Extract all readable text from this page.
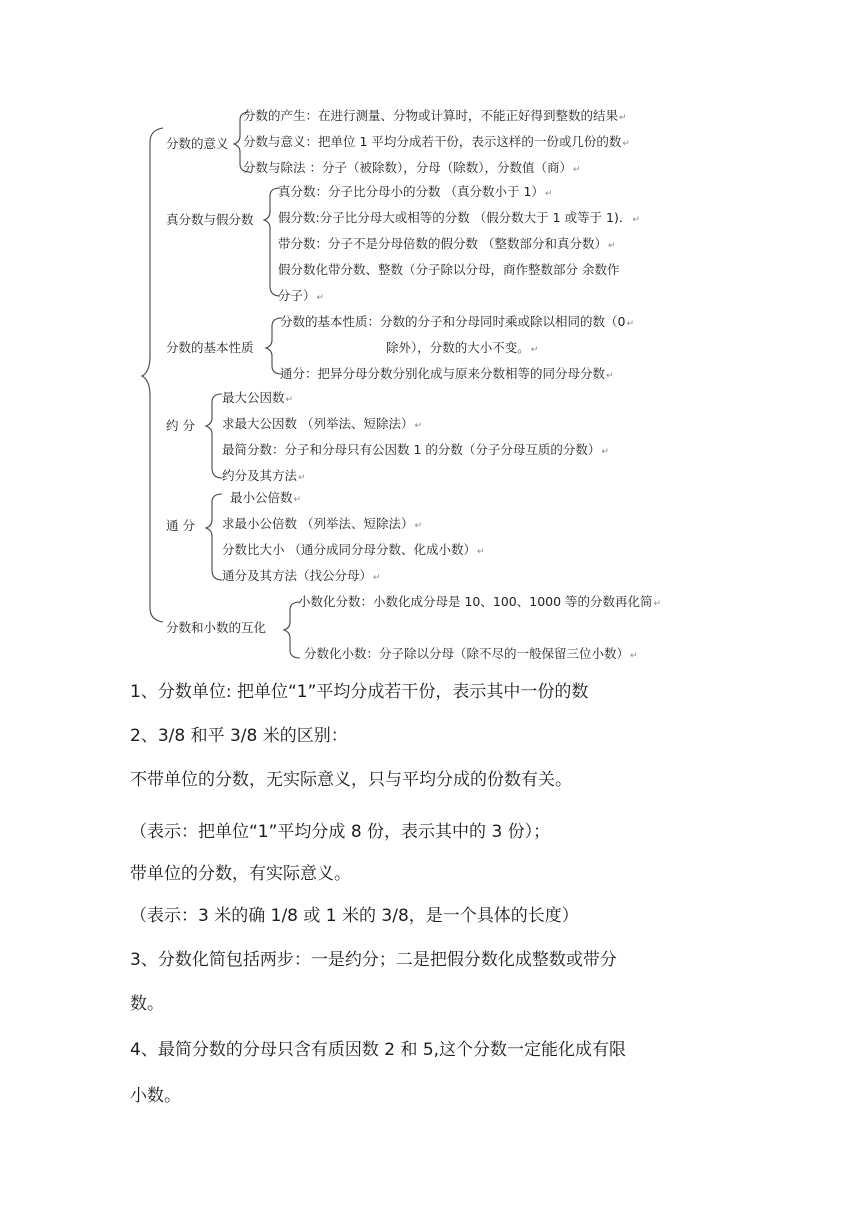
分数的意义
分数的产生：在进行测量、分物或计算时，不能正好得到整数的结果↵
分数与意义：把单位 1 平均分成若干份，表示这样的一份或几份的数↵
分数与除法 ：分子（被除数），分母（除数），分数值（商）↵
真分数与假分数
真分数：分子比分母小的分数 （真分数小于 1）↵
假分数:分子比分母大或相等的分数 （假分数大于 1 或等于 1)．↵
带分数：分子不是分母倍数的假分数 （整数部分和真分数）↵
假分数化带分数、整数（分子除以分母，商作整数部分 余数作
分子）↵
分数的基本性质
分数的基本性质：分数的分子和分母同时乘或除以相同的数（0↵
除外），分数的大小不变。↵
通分：把异分母分数分别化成与原来分数相等的同分母分数↵
约 分
最大公因数↵
求最大公因数 （列举法、短除法）↵
最简分数：分子和分母只有公因数 1 的分数（分子分母互质的分数）↵
约分及其方法↵
通 分
最小公倍数↵
求最小公倍数 （列举法、短除法）↵
分数比大小 （通分成同分母分数、化成小数）↵
通分及其方法（找公分母）↵
分数和小数的互化
小数化分数：小数化成分母是 10、100、1000 等的分数再化简↵
分数化小数：分子除以分母（除不尽的一般保留三位小数）↵
1、分数单位: 把单位“1”平均分成若干份，表示其中一份的数
2、3/8 和平 3/8 米的区别：
不带单位的分数，无实际意义，只与平均分成的份数有关。
（表示：把单位“1”平均分成 8 份，表示其中的 3 份）；
带单位的分数，有实际意义。
（表示：3 米的确 1/8 或 1 米的 3/8，是一个具体的长度）
3、分数化简包括两步：一是约分；二是把假分数化成整数或带分
数。
4、最简分数的分母只含有质因数 2 和 5,这个分数一定能化成有限
小数。
